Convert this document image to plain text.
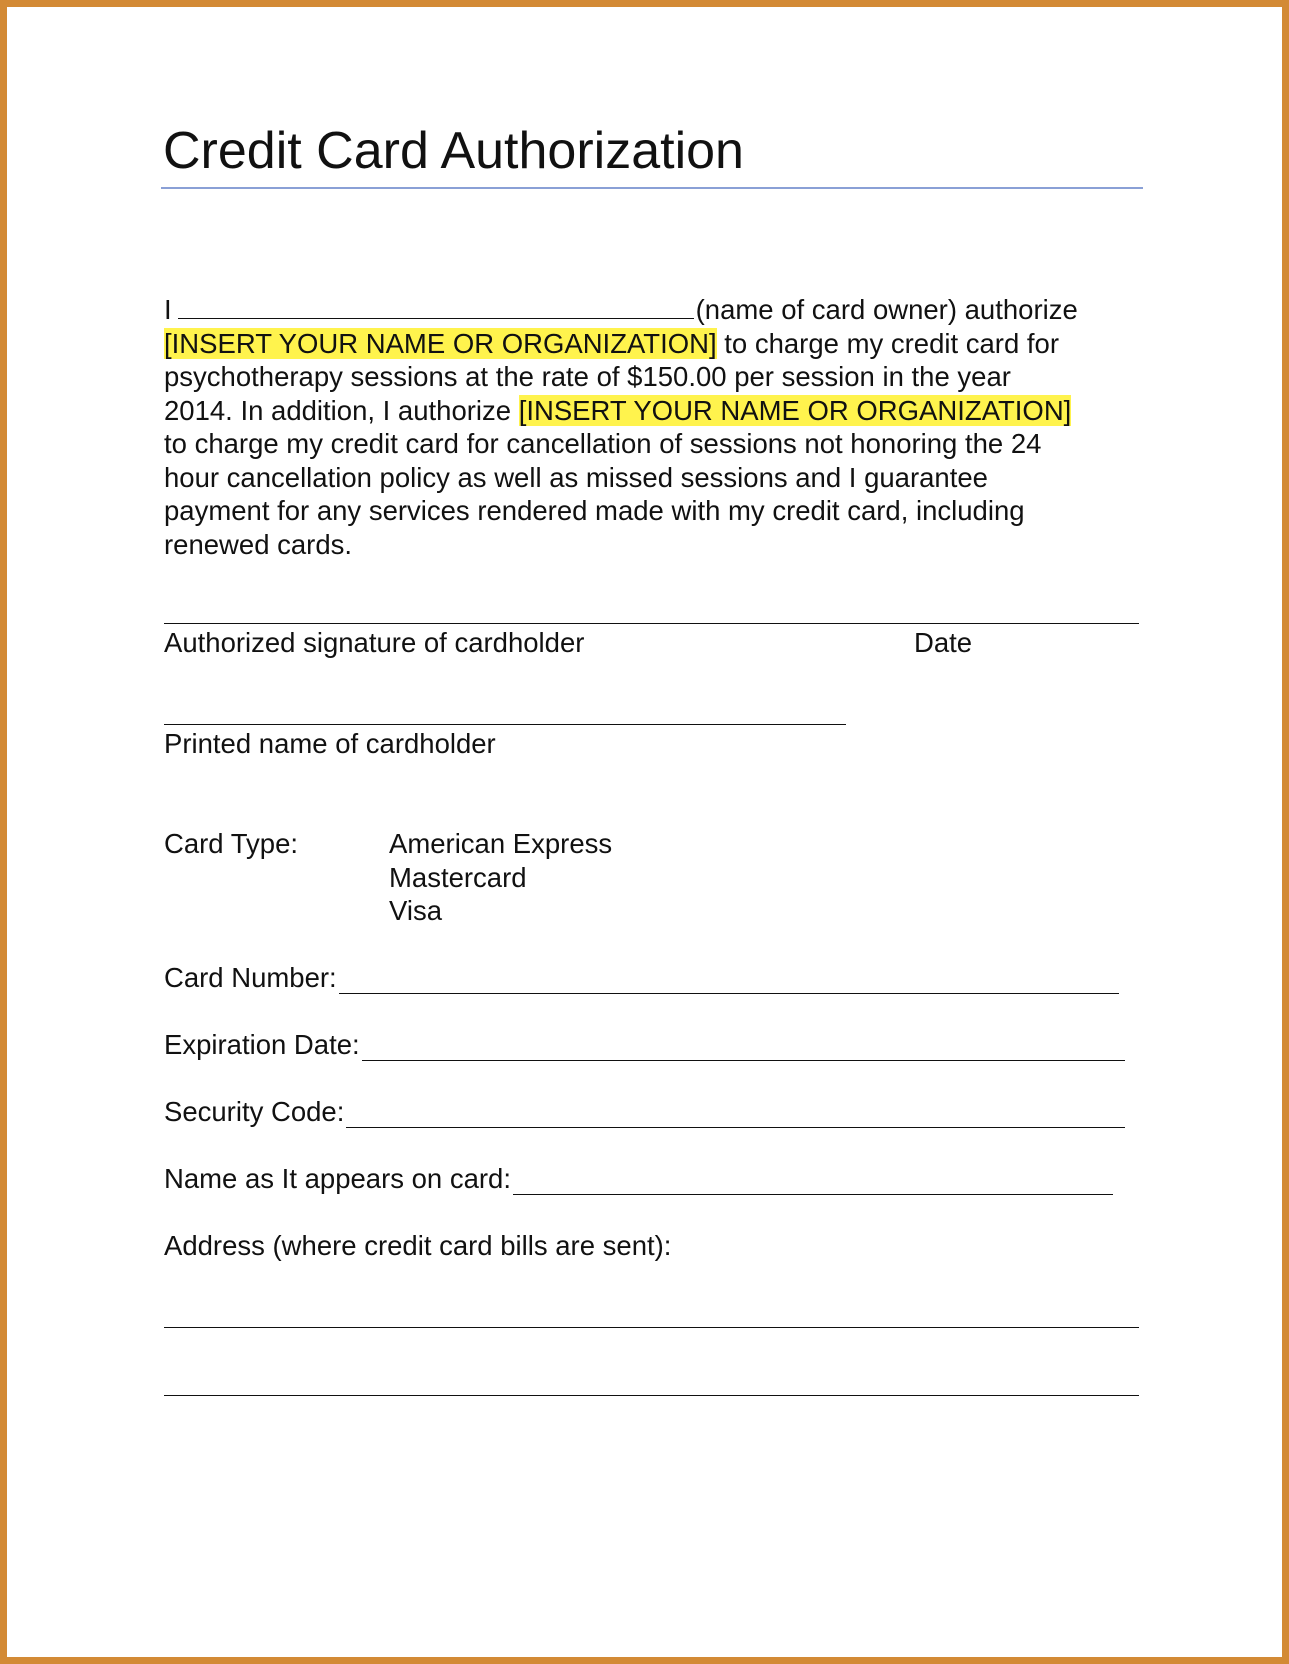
Credit Card Authorization
I	(name of card owner) authorize
[INSERT YOUR NAME OR ORGANIZATION] to charge my credit card for
psychotherapy sessions at the rate of $150.00 per session in the year
2014. In addition, I authorize [INSERT YOUR NAME OR ORGANIZATION]
to charge my credit card for cancellation of sessions not honoring the 24
hour cancellation policy as well as missed sessions and I guarantee
payment for any services rendered made with my credit card, including
renewed cards.
Authorized signature of cardholder	Date
Printed name of cardholder
Card Type:	American Express
Mastercard
Visa
Card Number:
Expiration Date:
Security Code:
Name as It appears on card:
Address (where credit card bills are sent):
